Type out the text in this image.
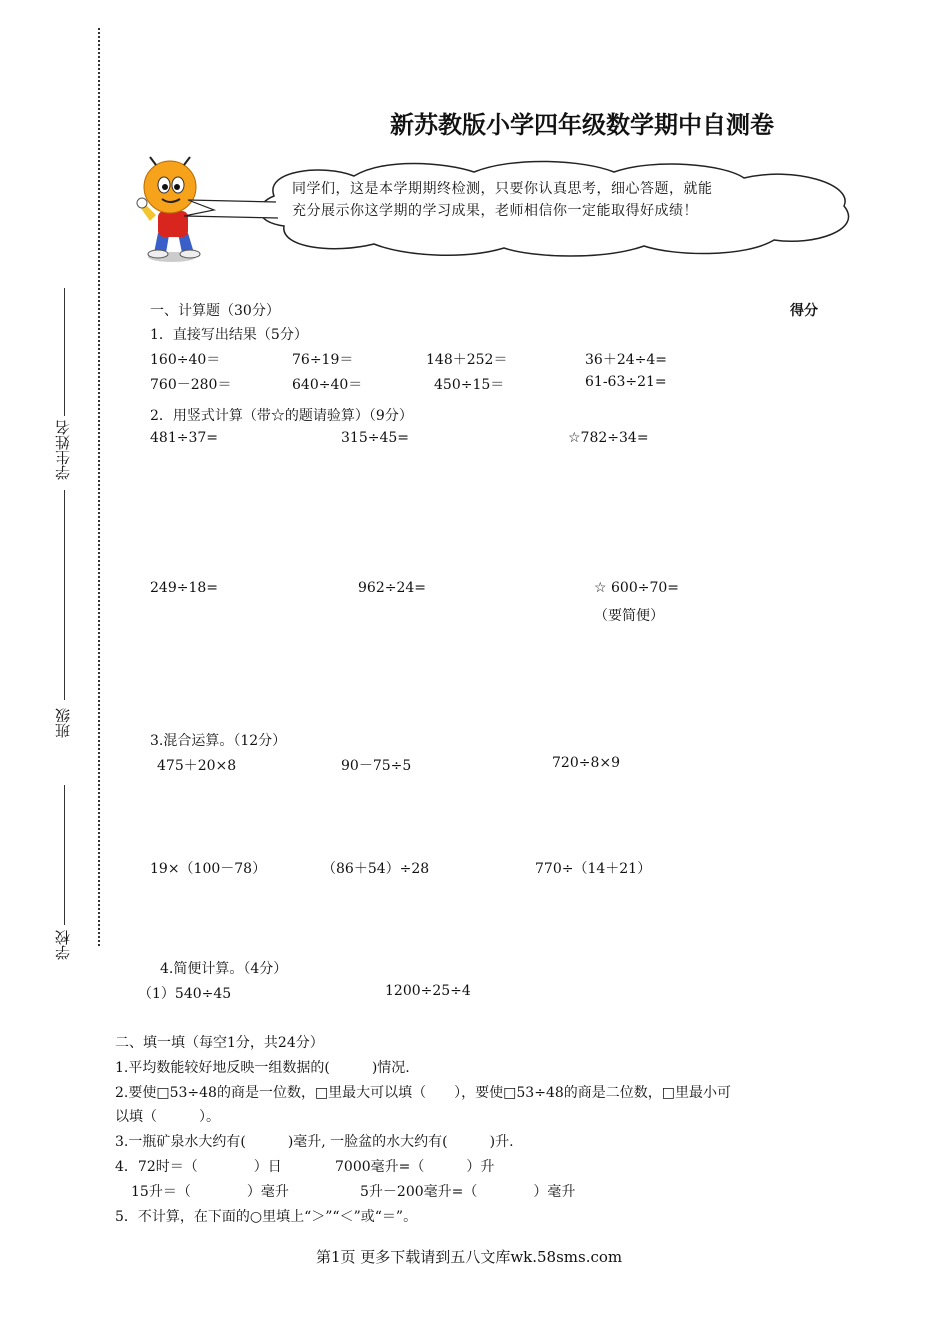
学生姓名
班级
学校
新苏教版小学四年级数学期中自测卷
同学们，这是本学期期终检测，只要你认真思考，细心答题，就能充分展示你这学期的学习成果，老师相信你一定能取得好成绩！
一、计算题（30分）	得分
1．直接写出结果（5分）
160÷40＝	76÷19＝	148＋252＝	36＋24÷4=
760－280＝	640÷40＝	450÷15＝	61-63÷21=
2．用竖式计算（带☆的题请验算）（9分）
481÷37=	315÷45=	☆782÷34=
249÷18=	962÷24=	☆ 600÷70=
（要简便）
3.混合运算。（12分）
475＋20×8	90－75÷5	720÷8×9
19×（100－78）	（86＋54）÷28	770÷（14＋21）
4.简便计算。（4分）
（1）540÷45	1200÷25÷4
二、填一填（每空1分，共24分）
1.平均数能较好地反映一组数据的(　　　)情况.
2.要使□53÷48的商是一位数，□里最大可以填（　　），要使□53÷48的商是二位数，□里最小可
以填（　　　）。
3.一瓶矿泉水大约有(　　　)毫升, 一脸盆的水大约有(　　　)升.
4．72时＝（　　　　）日	7000毫升=（　　　）升
15升＝（　　　　）毫升	5升－200毫升=（　　　　）毫升
5．不计算，在下面的○里填上“＞”“＜”或“＝”。
第1页 更多下载请到五八文库wk.58sms.com
